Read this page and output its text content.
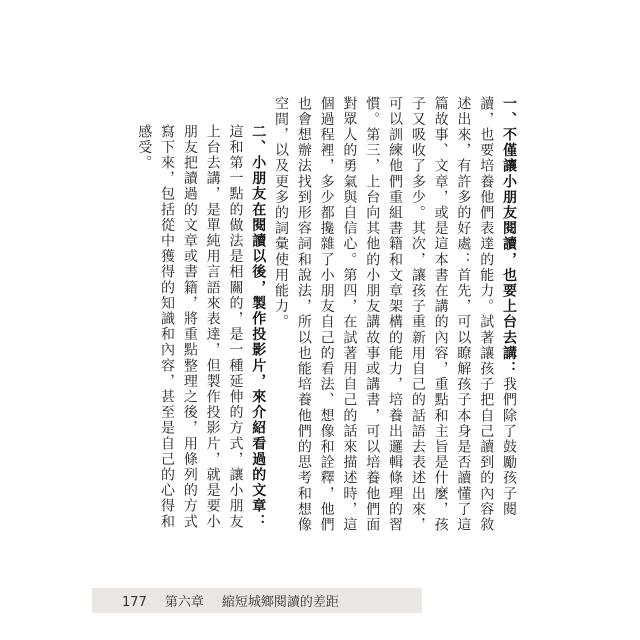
一、不僅讓小朋友閱讀，也要上台去講：我們除了鼓勵孩子閱讀，也要培養他們表達的能力。試著讓孩子把自己讀到的內容敘述出來，有許多的好處：首先，可以瞭解孩子本身是否讀懂了這篇故事、文章，或是這本書在講的內容，重點和主旨是什麼，孩子又吸收了多少。其次，讓孩子重新用自己的話語去表述出來，可以訓練他們重組書籍和文章架構的能力，培養出邏輯條理的習慣。第三，上台向其他的小朋友講故事或講書，可以培養他們面對眾人的勇氣與自信心。第四，在試著用自己的話來描述時，這個過程裡，多少都攙雜了小朋友自己的看法、想像和詮釋，他們也會想辦法找到形容詞和說法，所以也能培養他們的思考和想像空間，以及更多的詞彙使用能力。

二、小朋友在閱讀以後，製作投影片，來介紹看過的文章：這和第一點的做法是相關的，是一種延伸的方式，讓小朋友上台去講，是單純用言語來表達，但製作投影片，就是要小朋友把讀過的文章或書籍，將重點整理之後，用條列的方式寫下來，包括從中獲得的知識和內容，甚至是自己的心得和感受。

177 第六章 縮短城鄉閱讀的差距
